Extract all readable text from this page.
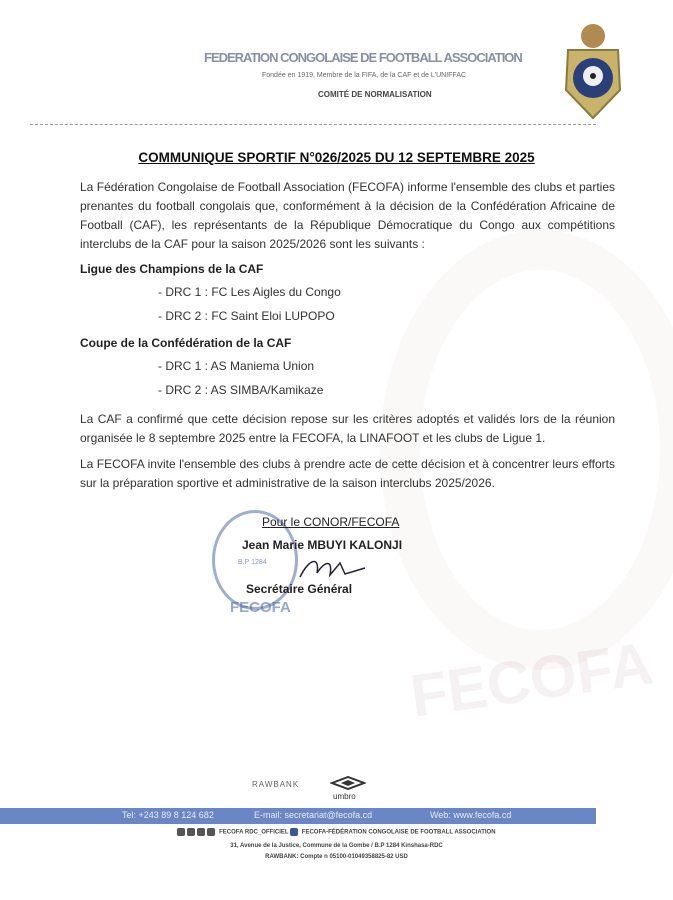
FECOFA
FEDERATION CONGOLAISE DE FOOTBALL ASSOCIATION
Fondée en 1919, Membre de la FIFA, de la CAF et de L'UNIFFAC
COMITÉ DE NORMALISATION
COMMUNIQUE SPORTIF N°026/2025 DU 12 SEPTEMBRE 2025
La Fédération Congolaise de Football Association (FECOFA) informe l'ensemble des clubs et parties prenantes du football congolais que, conformément à la décision de la Confédération Africaine de Football (CAF), les représentants de la République Démocratique du Congo aux compétitions interclubs de la CAF pour la saison 2025/2026 sont les suivants :
Ligue des Champions de la CAF
- DRC 1 : FC Les Aigles du Congo
- DRC 2 : FC Saint Eloi LUPOPO
Coupe de la Confédération de la CAF
- DRC 1 : AS Maniema Union
- DRC 2 : AS SIMBA/Kamikaze
La CAF a confirmé que cette décision repose sur les critères adoptés et validés lors de la réunion organisée le 8 septembre 2025 entre la FECOFA, la LINAFOOT et les clubs de Ligue 1.
La FECOFA invite l'ensemble des clubs à prendre acte de cette décision et à concentrer leurs efforts sur la préparation sportive et administrative de la saison interclubs 2025/2026.
Pour le CONOR/FECOFA
Jean Marie MBUYI KALONJI
B.P 1284
Secrétaire Général
FECOFA
RAWBANK
umbro
Tel: +243 89 8 124 682	E-mail: secretariat@fecofa.cd	Web: www.fecofa.cd
FECOFA RDC_OFFICIEL FECOFA-FÉDÉRATION CONGOLAISE DE FOOTBALL ASSOCIATION
31, Avenue de la Justice, Commune de la Gombe / B.P 1284 Kinshasa-RDC
RAWBANK: Compte n 05100-01049358825-82 USD
